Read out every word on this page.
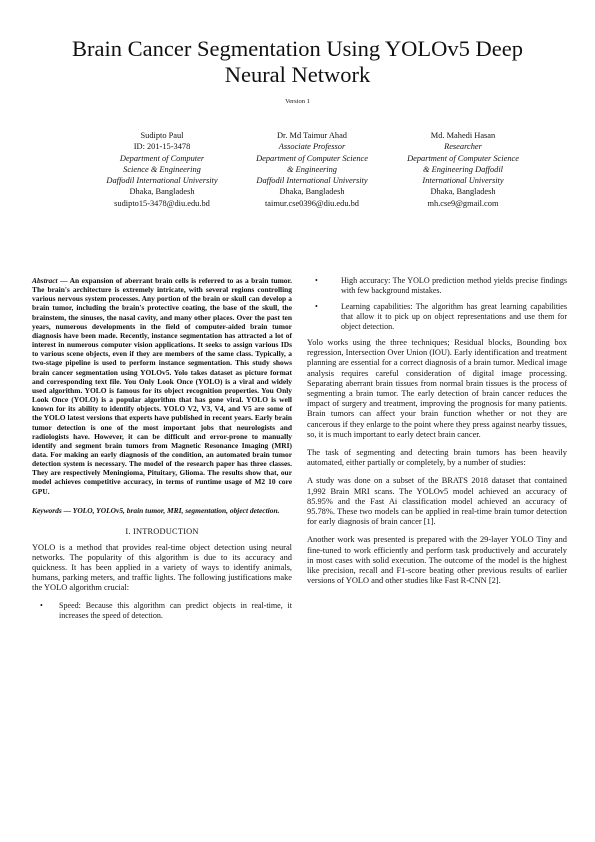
Brain Cancer Segmentation Using YOLOv5 Deep Neural Network
Version 1
Sudipto Paul
ID: 201-15-3478
Department of Computer
Science & Engineering
Daffodil International University
Dhaka, Bangladesh
sudipto15-3478@diu.edu.bd
Dr. Md Taimur Ahad
Associate Professor
Department of Computer Science
& Engineering
Daffodil International University
Dhaka, Bangladesh
taimur.cse0396@diu.edu.bd
Md. Mahedi Hasan
Researcher
Department of Computer Science
& Engineering Daffodil
International University
Dhaka, Bangladesh
mh.cse9@gmail.com

Abstract — An expansion of aberrant brain cells is referred to as a brain tumor. The brain's architecture is extremely intricate, with several regions controlling various nervous system processes. Any portion of the brain or skull can develop a brain tumor, including the brain's protective coating, the base of the skull, the brainstem, the sinuses, the nasal cavity, and many other places. Over the past ten years, numerous developments in the field of computer-aided brain tumor diagnosis have been made. Recently, instance segmentation has attracted a lot of interest in numerous computer vision applications. It seeks to assign various IDs to various scene objects, even if they are members of the same class. Typically, a two-stage pipeline is used to perform instance segmentation. This study shows brain cancer segmentation using YOLOv5. Yolo takes dataset as picture format and corresponding text file. You Only Look Once (YOLO) is a viral and widely used algorithm. YOLO is famous for its object recognition properties. You Only Look Once (YOLO) is a popular algorithm that has gone viral. YOLO is well known for its ability to identify objects. YOLO V2, V3, V4, and V5 are some of the YOLO latest versions that experts have published in recent years. Early brain tumor detection is one of the most important jobs that neurologists and radiologists have. However, it can be difficult and error-prone to manually identify and segment brain tumors from Magnetic Resonance Imaging (MRI) data. For making an early diagnosis of the condition, an automated brain tumor detection system is necessary. The model of the research paper has three classes. They are respectively Meningioma, Pituitary, Glioma. The results show that, our model achieves competitive accuracy, in terms of runtime usage of M2 10 core GPU.

Keywords — YOLO, YOLOv5, brain tumor, MRI, segmentation, object detection.

I. INTRODUCTION

YOLO is a method that provides real-time object detection using neural networks. The popularity of this algorithm is due to its accuracy and quickness. It has been applied in a variety of ways to identify animals, humans, parking meters, and traffic lights. The following justifications make the YOLO algorithm crucial:

• Speed: Because this algorithm can predict objects in real-time, it increases the speed of detection.
•	High accuracy: The YOLO prediction method yields precise findings with few background mistakes.
•	Learning capabilities: The algorithm has great learning capabilities that allow it to pick up on object representations and use them for object detection.

Yolo works using the three techniques; Residual blocks, Bounding box regression, Intersection Over Union (IOU). Early identification and treatment planning are essential for a correct diagnosis of a brain tumor. Medical image analysis requires careful consideration of digital image processing. Separating aberrant brain tissues from normal brain tissues is the process of segmenting a brain tumor. The early detection of brain cancer reduces the impact of surgery and treatment, improving the prognosis for many patients. Brain tumors can affect your brain function whether or not they are cancerous if they enlarge to the point where they press against nearby tissues, so, it is much important to early detect brain cancer.

The task of segmenting and detecting brain tumors has been heavily automated, either partially or completely, by a number of studies:

A study was done on a subset of the BRATS 2018 dataset that contained 1,992 Brain MRI scans. The YOLOv5 model achieved an accuracy of 85.95% and the Fast Ai classification model achieved an accuracy of 95.78%. These two models can be applied in real-time brain tumor detection for early diagnosis of brain cancer [1].

Another work was presented is prepared with the 29-layer YOLO Tiny and fine-tuned to work efficiently and perform task productively and accurately in most cases with solid execution. The outcome of the model is the highest like precision, recall and F1-score beating other previous results of earlier versions of YOLO and other studies like Fast R-CNN [2].
